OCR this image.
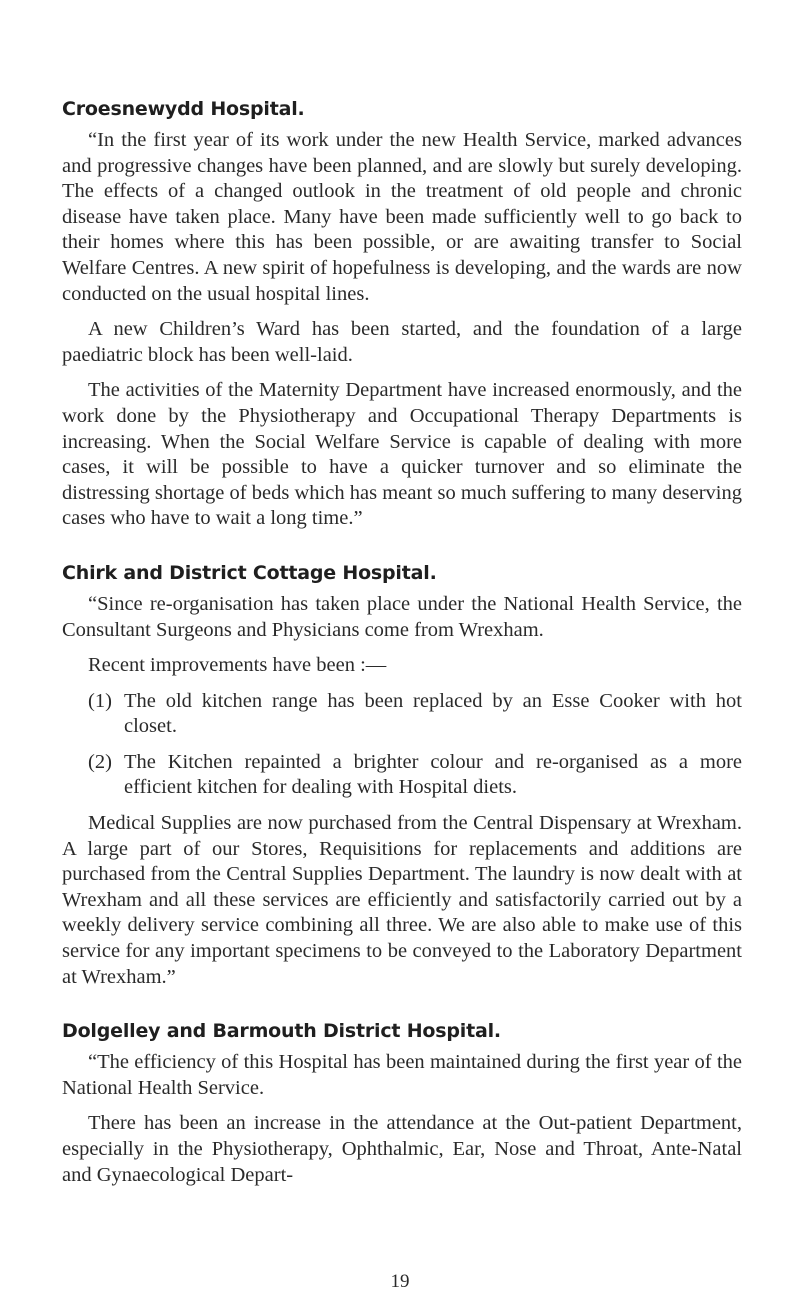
Croesnewydd Hospital.

“In the first year of its work under the new Health Service, marked advances and progressive changes have been planned, and are slowly but surely developing. The effects of a changed outlook in the treatment of old people and chronic disease have taken place. Many have been made sufficiently well to go back to their homes where this has been possible, or are awaiting transfer to Social Welfare Centres. A new spirit of hopefulness is developing, and the wards are now conducted on the usual hospital lines.

A new Children’s Ward has been started, and the foundation of a large paediatric block has been well-laid.

The activities of the Maternity Department have increased enormously, and the work done by the Physiotherapy and Occupational Therapy Departments is increasing. When the Social Welfare Service is capable of dealing with more cases, it will be possible to have a quicker turnover and so eliminate the distressing shortage of beds which has meant so much suffering to many deserving cases who have to wait a long time.”

Chirk and District Cottage Hospital.

“Since re-organisation has taken place under the National Health Service, the Consultant Surgeons and Physicians come from Wrexham.

Recent improvements have been :—

(1) The old kitchen range has been replaced by an Esse Cooker with hot closet.
(2) The Kitchen repainted a brighter colour and re-organised as a more efficient kitchen for dealing with Hospital diets.

Medical Supplies are now purchased from the Central Dispensary at Wrexham. A large part of our Stores, Requisitions for replacements and additions are purchased from the Central Supplies Department. The laundry is now dealt with at Wrexham and all these services are efficiently and satisfactorily carried out by a weekly delivery service combining all three. We are also able to make use of this service for any important specimens to be conveyed to the Laboratory Department at Wrexham.”

Dolgelley and Barmouth District Hospital.

“The efficiency of this Hospital has been maintained during the first year of the National Health Service.

There has been an increase in the attendance at the Out-patient Department, especially in the Physiotherapy, Ophthalmic, Ear, Nose and Throat, Ante-Natal and Gynaecological Depart-

19
